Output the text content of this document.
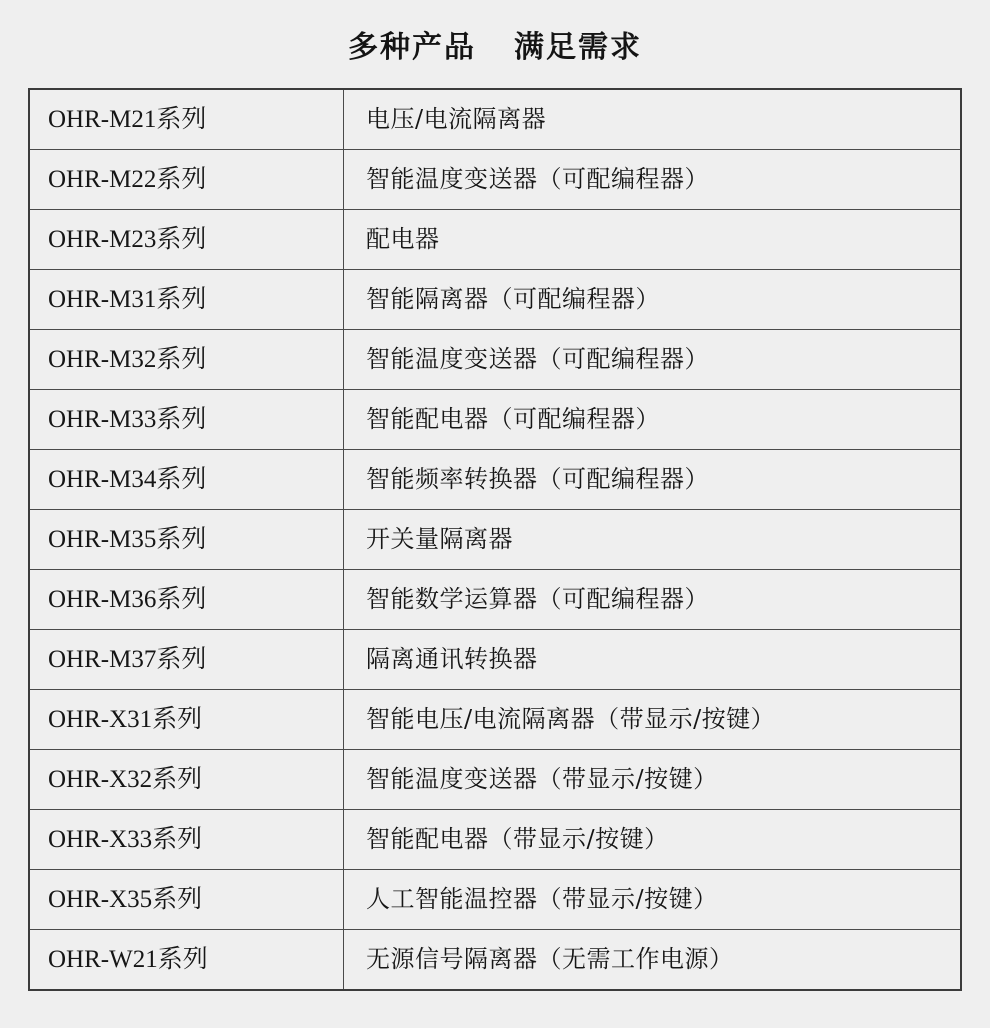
多种产品    满足需求
OHR-M21系列	电压/电流隔离器
OHR-M22系列	智能温度变送器（可配编程器）
OHR-M23系列	配电器
OHR-M31系列	智能隔离器（可配编程器）
OHR-M32系列	智能温度变送器（可配编程器）
OHR-M33系列	智能配电器（可配编程器）
OHR-M34系列	智能频率转换器（可配编程器）
OHR-M35系列	开关量隔离器
OHR-M36系列	智能数学运算器（可配编程器）
OHR-M37系列	隔离通讯转换器
OHR-X31系列	智能电压/电流隔离器（带显示/按键）
OHR-X32系列	智能温度变送器（带显示/按键）
OHR-X33系列	智能配电器（带显示/按键）
OHR-X35系列	人工智能温控器（带显示/按键）
OHR-W21系列	无源信号隔离器（无需工作电源）
